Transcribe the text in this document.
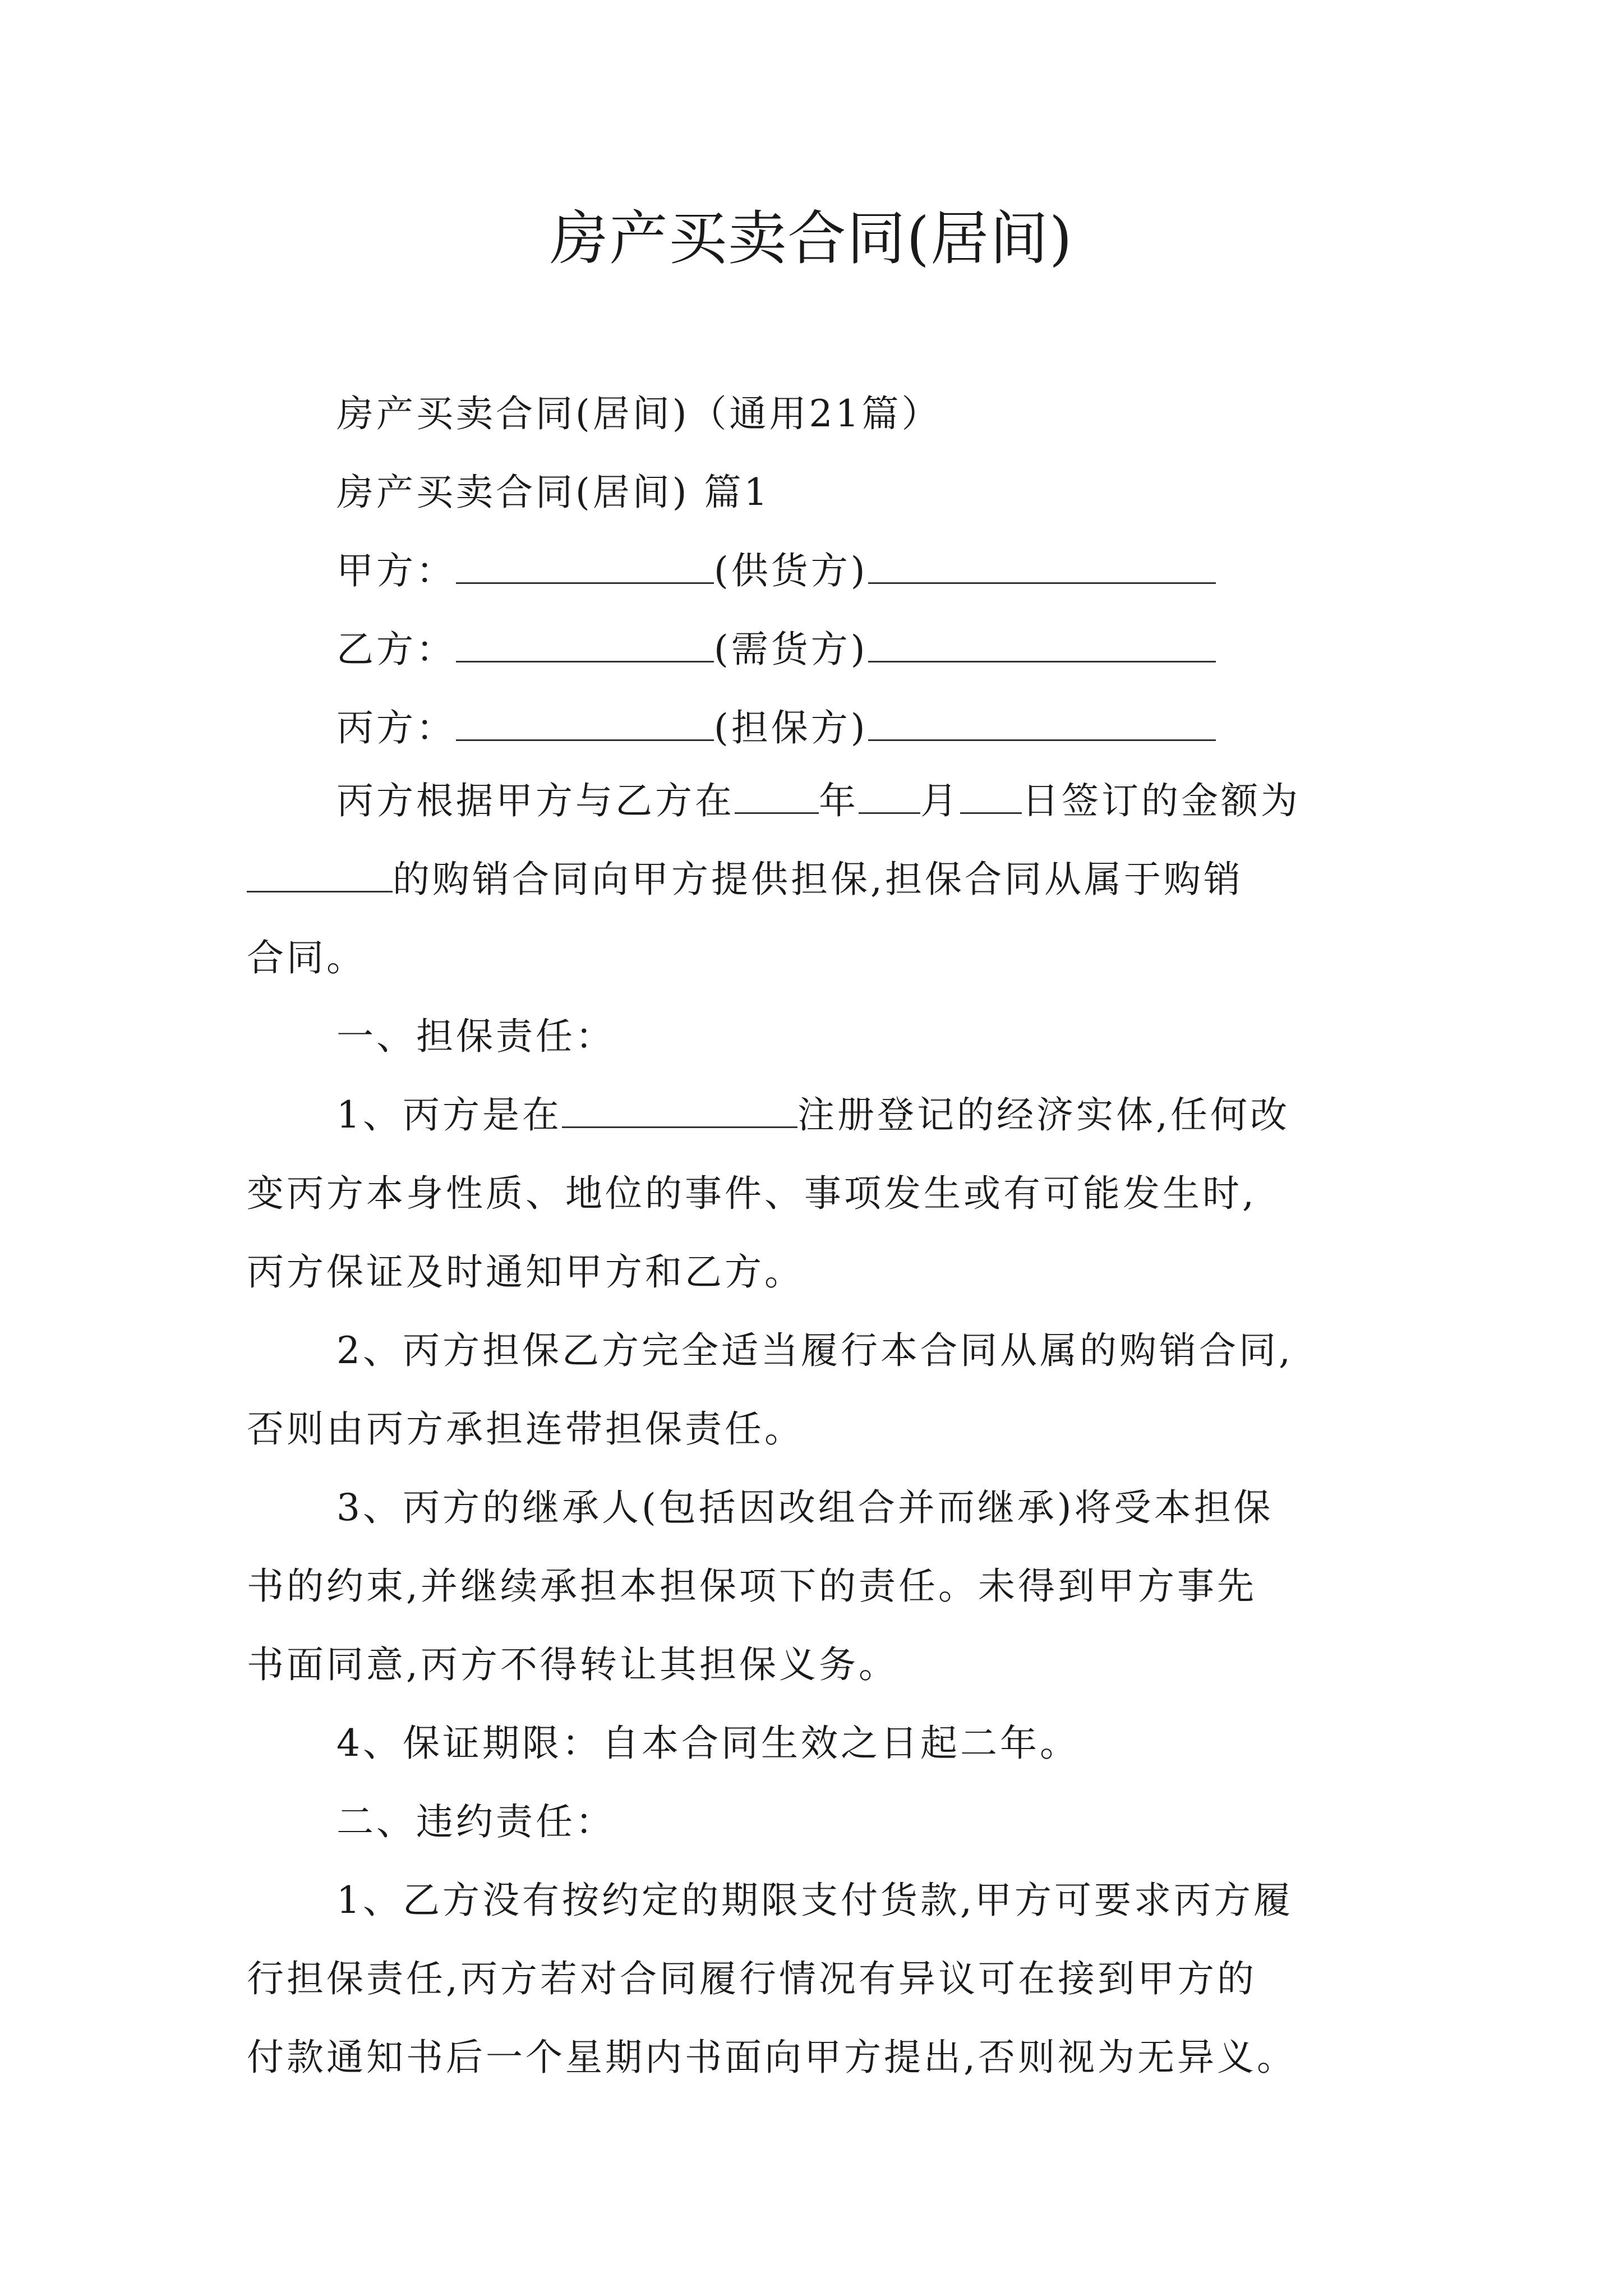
房产买卖合同(居间)
房产买卖合同(居间)（通用21篇）
房产买卖合同(居间) 篇1
甲方：	(供货方)
乙方：	(需货方)
丙方：	(担保方)
丙方根据甲方与乙方在 年 月 日签订的金额为
的购销合同向甲方提供担保,担保合同从属于购销
合同。
一、担保责任：
1、丙方是在	注册登记的经济实体,任何改
变丙方本身性质、地位的事件、事项发生或有可能发生时,
丙方保证及时通知甲方和乙方。
2、丙方担保乙方完全适当履行本合同从属的购销合同,
否则由丙方承担连带担保责任。
3、丙方的继承人(包括因改组合并而继承)将受本担保
书的约束,并继续承担本担保项下的责任。未得到甲方事先
书面同意,丙方不得转让其担保义务。
4、保证期限：自本合同生效之日起二年。
二、违约责任：
1、乙方没有按约定的期限支付货款,甲方可要求丙方履
行担保责任,丙方若对合同履行情况有异议可在接到甲方的
付款通知书后一个星期内书面向甲方提出,否则视为无异义。
